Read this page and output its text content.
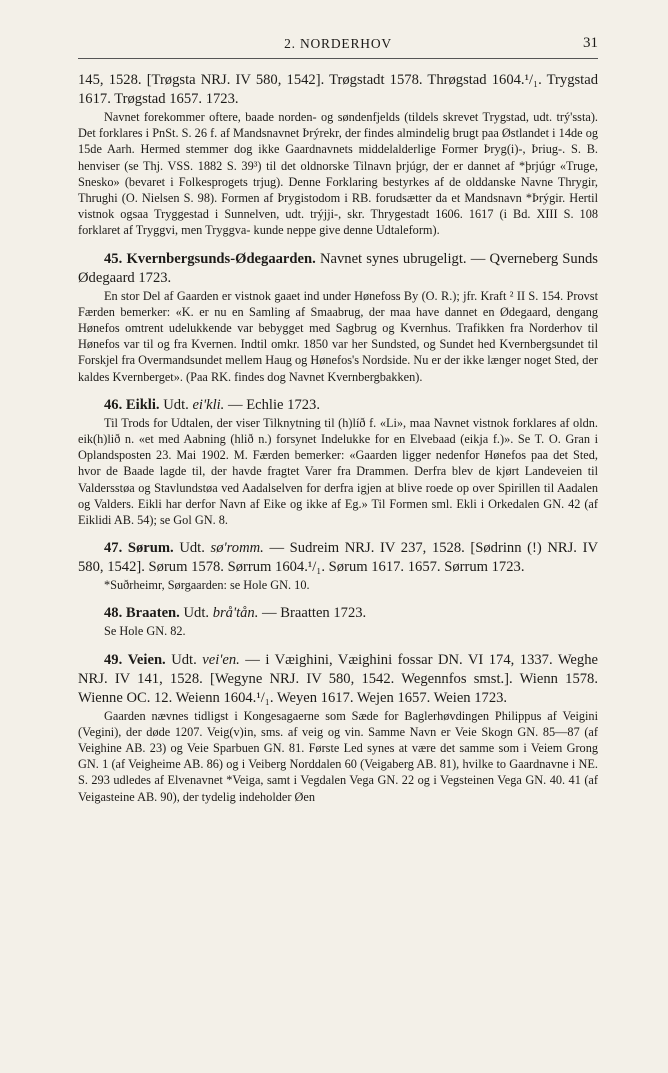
2. NORDERHOV	31

145, 1528. [Trøgsta NRJ. IV 580, 1542]. Trøgstadt 1578. Thrøgstad 1604.¹/₁. Trygstad 1617. Trøgstad 1657. 1723.

Navnet forekommer oftere, baade norden- og søndenfjelds (tildels skrevet Trygstad, udt. trý'ssta). Det forklares i PnSt. S. 26 f. af Mandsnavnet Þrýrekr, der findes almindelig brugt paa Østlandet i 14de og 15de Aarh. Hermed stemmer dog ikke Gaardnavnets middelalderlige Former Þryg(i)-, Þriug-. S. B. henviser (se Thj. VSS. 1882 S. 39³) til det oldnorske Tilnavn þrjúgr, der er dannet af *þrjúgr «Truge, Snesko» (bevaret i Folkesprogets trjug). Denne Forklaring bestyrkes af de olddanske Navne Thrygir, Thrughi (O. Nielsen S. 98). Formen af Þrygistodom i RB. forudsætter da et Mandsnavn *Þrýgir. Hertil vistnok ogsaa Tryggestad i Sunnelven, udt. trýjji-, skr. Thrygestadt 1606. 1617 (i Bd. XIII S. 108 forklaret af Tryggvi, men Tryggva- kunde neppe give denne Udtaleform).

45. Kvernbergsunds-Ødegaarden. Navnet synes ubrugeligt. — Qverneberg Sunds Ødegaard 1723.

En stor Del af Gaarden er vistnok gaaet ind under Hønefoss By (O. R.); jfr. Kraft ² II S. 154. Provst Færden bemerker: «K. er nu en Samling af Smaabrug, der maa have dannet en Ødegaard, dengang Hønefos omtrent udelukkende var bebygget med Sagbrug og Kvernhus. Trafikken fra Norderhov til Hønefos var til og fra Kvernen. Indtil omkr. 1850 var her Sundsted, og Sundet hed Kvernbergsundet til Forskjel fra Overmandsundet mellem Haug og Hønefos's Nordside. Nu er der ikke længer noget Sted, der kaldes Kvernberget». (Paa RK. findes dog Navnet Kvernbergbakken).

46. Eikli. Udt. ei'kli. — Echlie 1723.

Til Trods for Udtalen, der viser Tilknytning til (h)líð f. «Li», maa Navnet vistnok forklares af oldn. eik(h)lið n. «et med Aabning (hlið n.) forsynet Indelukke for en Elvebaad (eikja f.)». Se T. O. Gran i Oplandsposten 23. Mai 1902. M. Færden bemerker: «Gaarden ligger nedenfor Hønefos paa det Sted, hvor de Baade lagde til, der havde fragtet Varer fra Drammen. Derfra blev de kjørt Landeveien til Valdersstøa og Stavlundstøa ved Aadalselven for derfra igjen at blive roede op over Spirillen til Aadalen og Valders. Eikli har derfor Navn af Eike og ikke af Eg.» Til Formen sml. Ekli i Orkedalen GN. 42 (af Eiklidi AB. 54); se Gol GN. 8.

47. Sørum. Udt. sø'romm. — Sudreim NRJ. IV 237, 1528. [Sødrinn (!) NRJ. IV 580, 1542]. Sørum 1578. Sørrum 1604.¹/₁. Sørum 1617. 1657. Sørrum 1723.

*Suðrheimr, Sørgaarden: se Hole GN. 10.

48. Braaten. Udt. brå'tån. — Braatten 1723.

Se Hole GN. 82.

49. Veien. Udt. vei'en. — i Væighini, Væighini fossar DN. VI 174, 1337. Weghe NRJ. IV 141, 1528. [Wegyne NRJ. IV 580, 1542. Wegennfos smst.]. Wienn 1578. Wienne OC. 12. Weienn 1604.¹/₁. Weyen 1617. Wejen 1657. Weien 1723.

Gaarden nævnes tidligst i Kongesagaerne som Sæde for Baglerhøvdingen Philippus af Veigini (Vegini), der døde 1207. Veig(v)in, sms. af veig og vin. Samme Navn er Veie Skogn GN. 85—87 (af Veighine AB. 23) og Veie Sparbuen GN. 81. Første Led synes at være det samme som i Veiem Grong GN. 1 (af Veigheime AB. 86) og i Veiberg Norddalen 60 (Veigaberg AB. 81), hvilke to Gaardnavne i NE. S. 293 udledes af Elvenavnet *Veiga, samt i Vegdalen Vega GN. 22 og i Vegsteinen Vega GN. 40. 41 (af Veigasteine AB. 90), der tydelig indeholder Øen
